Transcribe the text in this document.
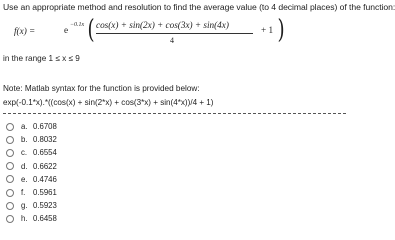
Use an appropriate method and resolution to find the average value (to 4 decimal places) of the function:
f(x) =	e −0.1x ( cos(x) + sin(2x) + cos(3x) + sin(4x)
4
+ 1 )
in the range 1 ≤ x ≤ 9
Note: Matlab syntax for the function is provided below:
exp(-0.1*x).*((cos(x) + sin(2*x) + cos(3*x) + sin(4*x))/4 + 1)
a. 0.6708
b. 0.8032
c. 0.6554
d. 0.6622
e. 0.4746
f. 0.5961
g. 0.5923
h. 0.6458
